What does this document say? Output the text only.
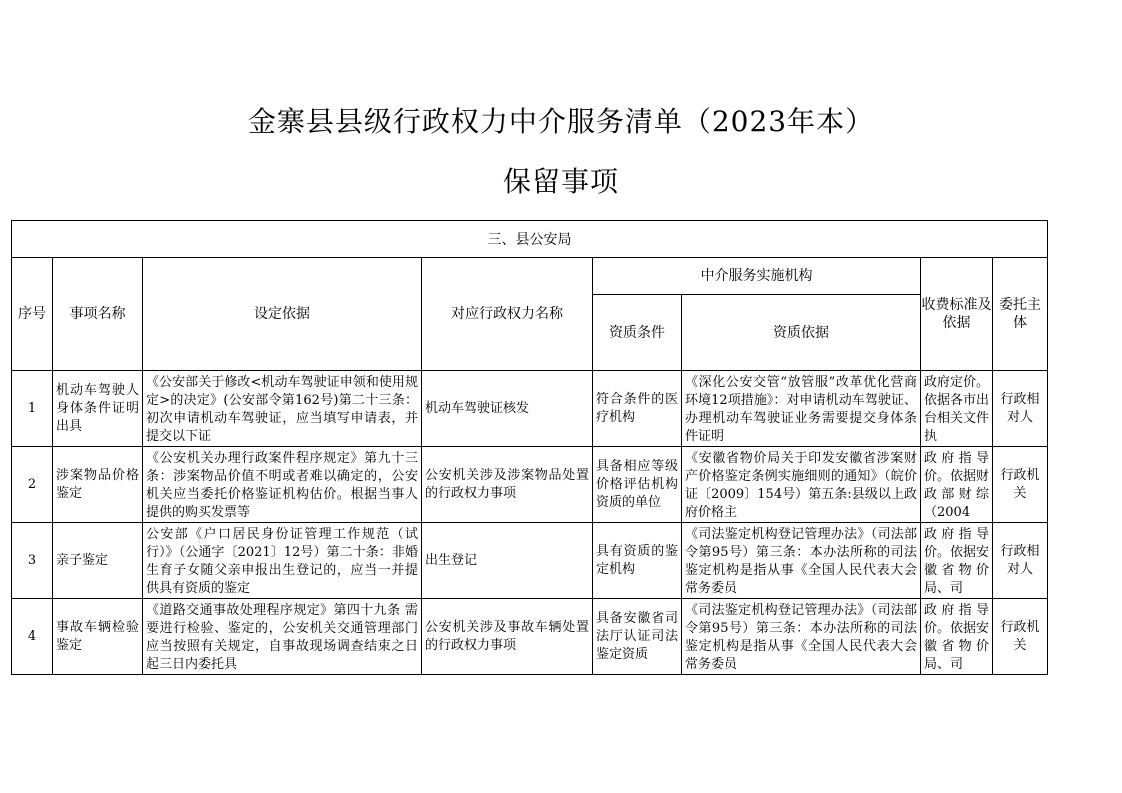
金寨县县级行政权力中介服务清单（2023年本）
保留事项
三、县公安局							
序号	事项名称	设定依据	对应行政权力名称	中介服务实施机构		收费标准及依据	委托主体
				资质条件	资质依据		
1	机动车驾驶人身体条件证明出具	《公安部关于修改<机动车驾驶证申领和使用规定>的决定》(公安部令第162号)第二十三条：初次申请机动车驾驶证，应当填写申请表，并提交以下证	机动车驾驶证核发	符合条件的医疗机构	《深化公安交管“放管服”改革优化营商环境12项措施》：对申请机动车驾驶证、办理机动车驾驶证业务需要提交身体条件证明	政府定价。依据各市出台相关文件执	行政相对人

2	涉案物品价格鉴定	《公安机关办理行政案件程序规定》第九十三条：涉案物品价值不明或者难以确定的，公安机关应当委托价格鉴证机构估价。根据当事人提供的购买发票等	公安机关涉及涉案物品处置的行政权力事项	具备相应等级价格评估机构资质的单位	《安徽省物价局关于印发安徽省涉案财产价格鉴定条例实施细则的通知》（皖价证〔2009〕154号）第五条:县级以上政府价格主	政府指导价。依据财政部财综（2004	行政机关

3	亲子鉴定	公安部《户口居民身份证管理工作规范（试行）》（公通字〔2021〕12号）第二十条：非婚生育子女随父亲申报出生登记的，应当一并提供具有资质的鉴定	出生登记	具有资质的鉴定机构	《司法鉴定机构登记管理办法》（司法部令第95号）第三条：本办法所称的司法鉴定机构是指从事《全国人民代表大会常务委员	政府指导价。依据安徽省物价局、司	行政相对人

4	事故车辆检验鉴定	《道路交通事故处理程序规定》第四十九条 需要进行检验、鉴定的，公安机关交通管理部门应当按照有关规定，自事故现场调查结束之日起三日内委托具	公安机关涉及事故车辆处置的行政权力事项	具备安徽省司法厅认证司法鉴定资质	《司法鉴定机构登记管理办法》（司法部令第95号）第三条：本办法所称的司法鉴定机构是指从事《全国人民代表大会常务委员	政府指导价。依据安徽省物价局、司	行政机关
